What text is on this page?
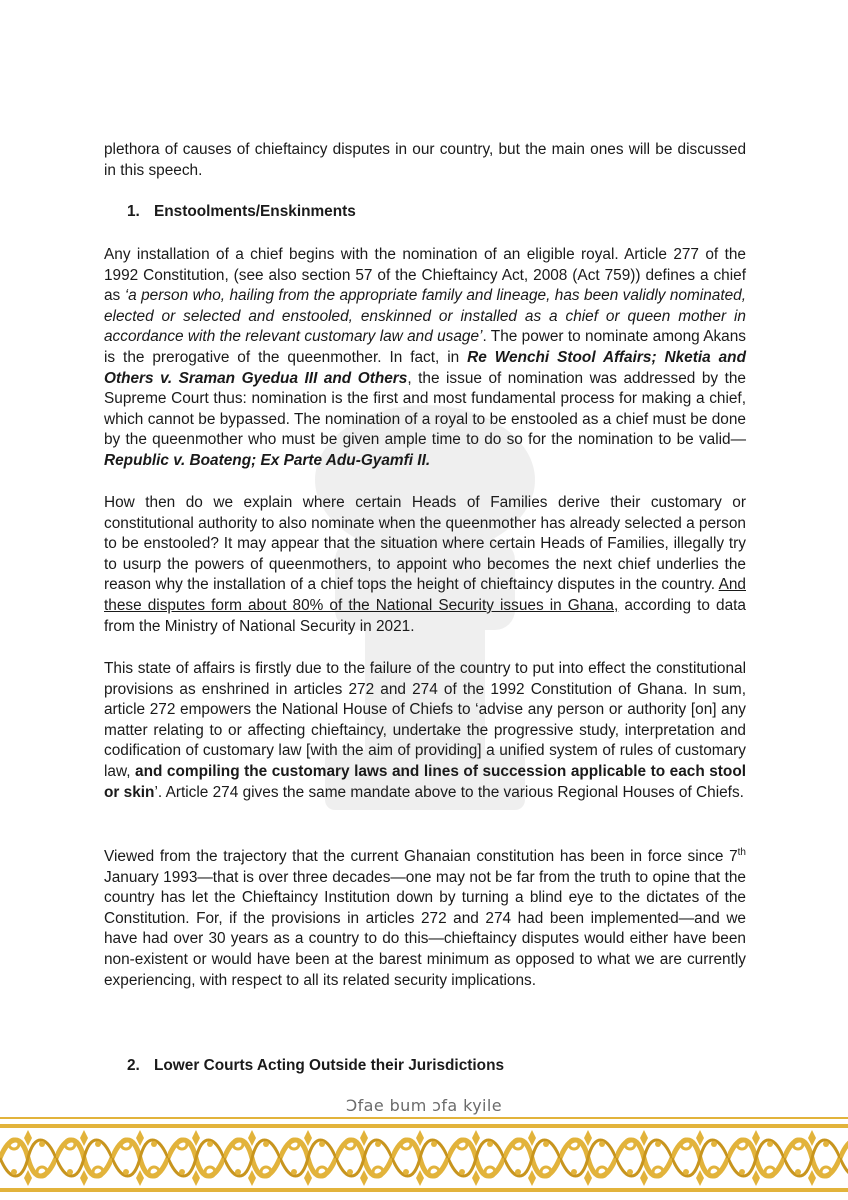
plethora of causes of chieftaincy disputes in our country, but the main ones will be discussed in this speech.

1. Enstoolments/Enskinments

Any installation of a chief begins with the nomination of an eligible royal. Article 277 of the 1992 Constitution, (see also section 57 of the Chieftaincy Act, 2008 (Act 759)) defines a chief as ‘a person who, hailing from the appropriate family and lineage, has been validly nominated, elected or selected and enstooled, enskinned or installed as a chief or queen mother in accordance with the relevant customary law and usage’. The power to nominate among Akans is the prerogative of the queenmother. In fact, in Re Wenchi Stool Affairs; Nketia and Others v. Sraman Gyedua III and Others, the issue of nomination was addressed by the Supreme Court thus: nomination is the first and most fundamental process for making a chief, which cannot be bypassed. The nomination of a royal to be enstooled as a chief must be done by the queenmother who must be given ample time to do so for the nomination to be valid—Republic v. Boateng; Ex Parte Adu-Gyamfi II.

How then do we explain where certain Heads of Families derive their customary or constitutional authority to also nominate when the queenmother has already selected a person to be enstooled? It may appear that the situation where certain Heads of Families, illegally try to usurp the powers of queenmothers, to appoint who becomes the next chief underlies the reason why the installation of a chief tops the height of chieftaincy disputes in the country. And these disputes form about 80% of the National Security issues in Ghana, according to data from the Ministry of National Security in 2021.

This state of affairs is firstly due to the failure of the country to put into effect the constitutional provisions as enshrined in articles 272 and 274 of the 1992 Constitution of Ghana. In sum, article 272 empowers the National House of Chiefs to ‘advise any person or authority [on] any matter relating to or affecting chieftaincy, undertake the progressive study, interpretation and codification of customary law [with the aim of providing] a unified system of rules of customary law, and compiling the customary laws and lines of succession applicable to each stool or skin’. Article 274 gives the same mandate above to the various Regional Houses of Chiefs.

Viewed from the trajectory that the current Ghanaian constitution has been in force since 7th January 1993—that is over three decades—one may not be far from the truth to opine that the country has let the Chieftaincy Institution down by turning a blind eye to the dictates of the Constitution. For, if the provisions in articles 272 and 274 had been implemented—and we have had over 30 years as a country to do this—chieftaincy disputes would either have been non-existent or would have been at the barest minimum as opposed to what we are currently experiencing, with respect to all its related security implications.

2. Lower Courts Acting Outside their Jurisdictions
Ɔfae bum ɔfa kyile
